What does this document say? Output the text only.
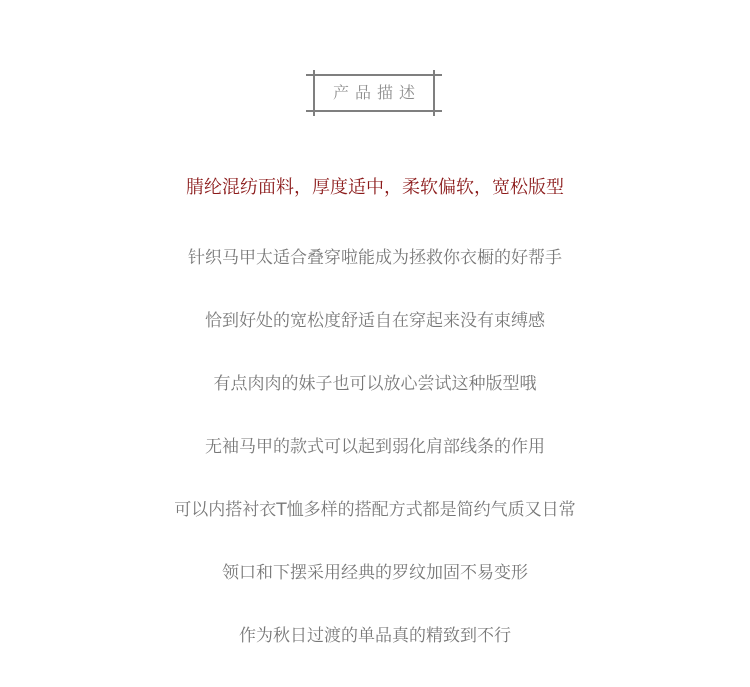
产品描述
腈纶混纺面料，厚度适中，柔软偏软，宽松版型
针织马甲太适合叠穿啦能成为拯救你衣橱的好帮手
恰到好处的宽松度舒适自在穿起来没有束缚感
有点肉肉的妹子也可以放心尝试这种版型哦
无袖马甲的款式可以起到弱化肩部线条的作用
可以内搭衬衣T恤多样的搭配方式都是简约气质又日常
领口和下摆采用经典的罗纹加固不易变形
作为秋日过渡的单品真的精致到不行
